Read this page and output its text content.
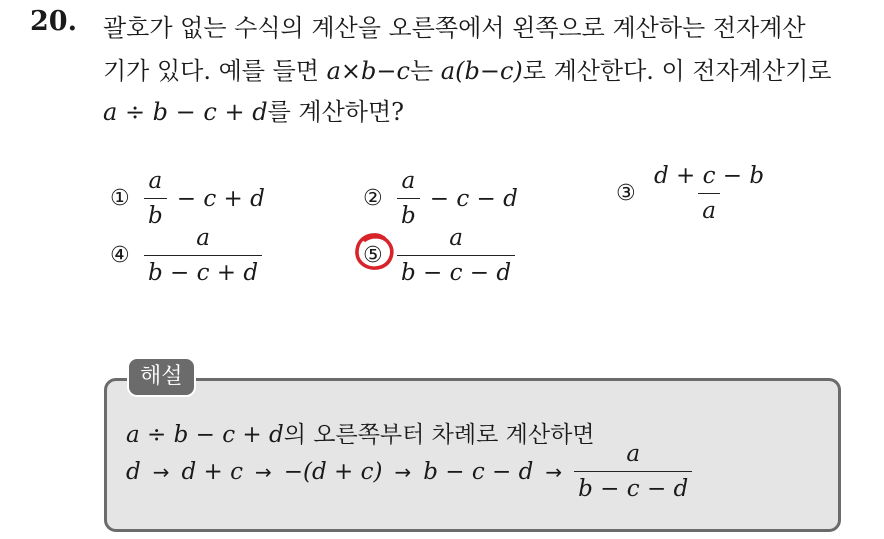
20. 괄호가 없는 수식의 계산을 오른쪽에서 왼쪽으로 계산하는 전자계산
기가 있다. 예를 들면 a×b−c는 a(b−c)로 계산한다. 이 전자계산기로
a ÷ b − c + d를 계산하면?
① $\frac{a}{b} - c + d$	② $\frac{a}{b} - c - d$	③ $\frac{d + c - b}{a}$
④ $\frac{a}{b - c + d}$	⑤ $\frac{a}{b - c - d}$
해설
a ÷ b − c + d의 오른쪽부터 차례로 계산하면
$d \to d + c \to -(d + c) \to b - c - d \to \frac{a}{b - c - d}$
